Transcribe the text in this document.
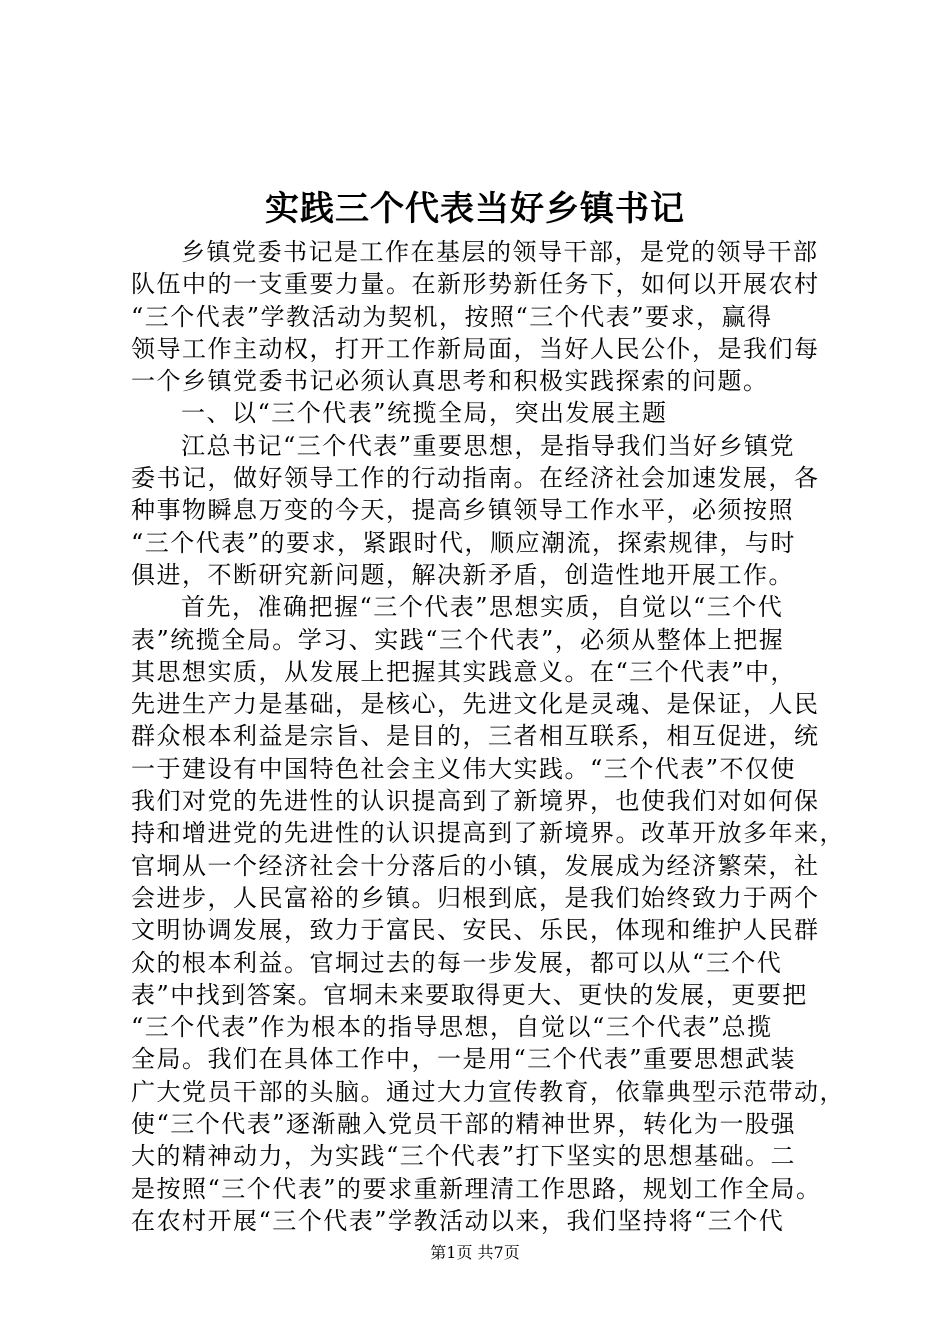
实践三个代表当好乡镇书记
乡镇党委书记是工作在基层的领导干部，是党的领导干部
队伍中的一支重要力量。在新形势新任务下，如何以开展农村
“三个代表”学教活动为契机，按照“三个代表”要求，赢得
领导工作主动权，打开工作新局面，当好人民公仆，是我们每
一个乡镇党委书记必须认真思考和积极实践探索的问题。
一、以“三个代表”统揽全局，突出发展主题
江总书记“三个代表”重要思想，是指导我们当好乡镇党
委书记，做好领导工作的行动指南。在经济社会加速发展，各
种事物瞬息万变的今天，提高乡镇领导工作水平，必须按照
“三个代表”的要求，紧跟时代，顺应潮流，探索规律，与时
俱进，不断研究新问题，解决新矛盾，创造性地开展工作。
首先，准确把握“三个代表”思想实质，自觉以“三个代
表”统揽全局。学习、实践“三个代表”，必须从整体上把握
其思想实质，从发展上把握其实践意义。在“三个代表”中，
先进生产力是基础，是核心，先进文化是灵魂、是保证，人民
群众根本利益是宗旨、是目的，三者相互联系，相互促进，统
一于建设有中国特色社会主义伟大实践。“三个代表”不仅使
我们对党的先进性的认识提高到了新境界，也使我们对如何保
持和增进党的先进性的认识提高到了新境界。改革开放多年来，
官垌从一个经济社会十分落后的小镇，发展成为经济繁荣，社
会进步，人民富裕的乡镇。归根到底，是我们始终致力于两个
文明协调发展，致力于富民、安民、乐民，体现和维护人民群
众的根本利益。官垌过去的每一步发展，都可以从“三个代
表”中找到答案。官垌未来要取得更大、更快的发展，更要把
“三个代表”作为根本的指导思想，自觉以“三个代表”总揽
全局。我们在具体工作中，一是用“三个代表”重要思想武装
广大党员干部的头脑。通过大力宣传教育，依靠典型示范带动，
使“三个代表”逐渐融入党员干部的精神世界，转化为一股强
大的精神动力，为实践“三个代表”打下坚实的思想基础。二
是按照“三个代表”的要求重新理清工作思路，规划工作全局。
在农村开展“三个代表”学教活动以来，我们坚持将“三个代
第1页 共7页
